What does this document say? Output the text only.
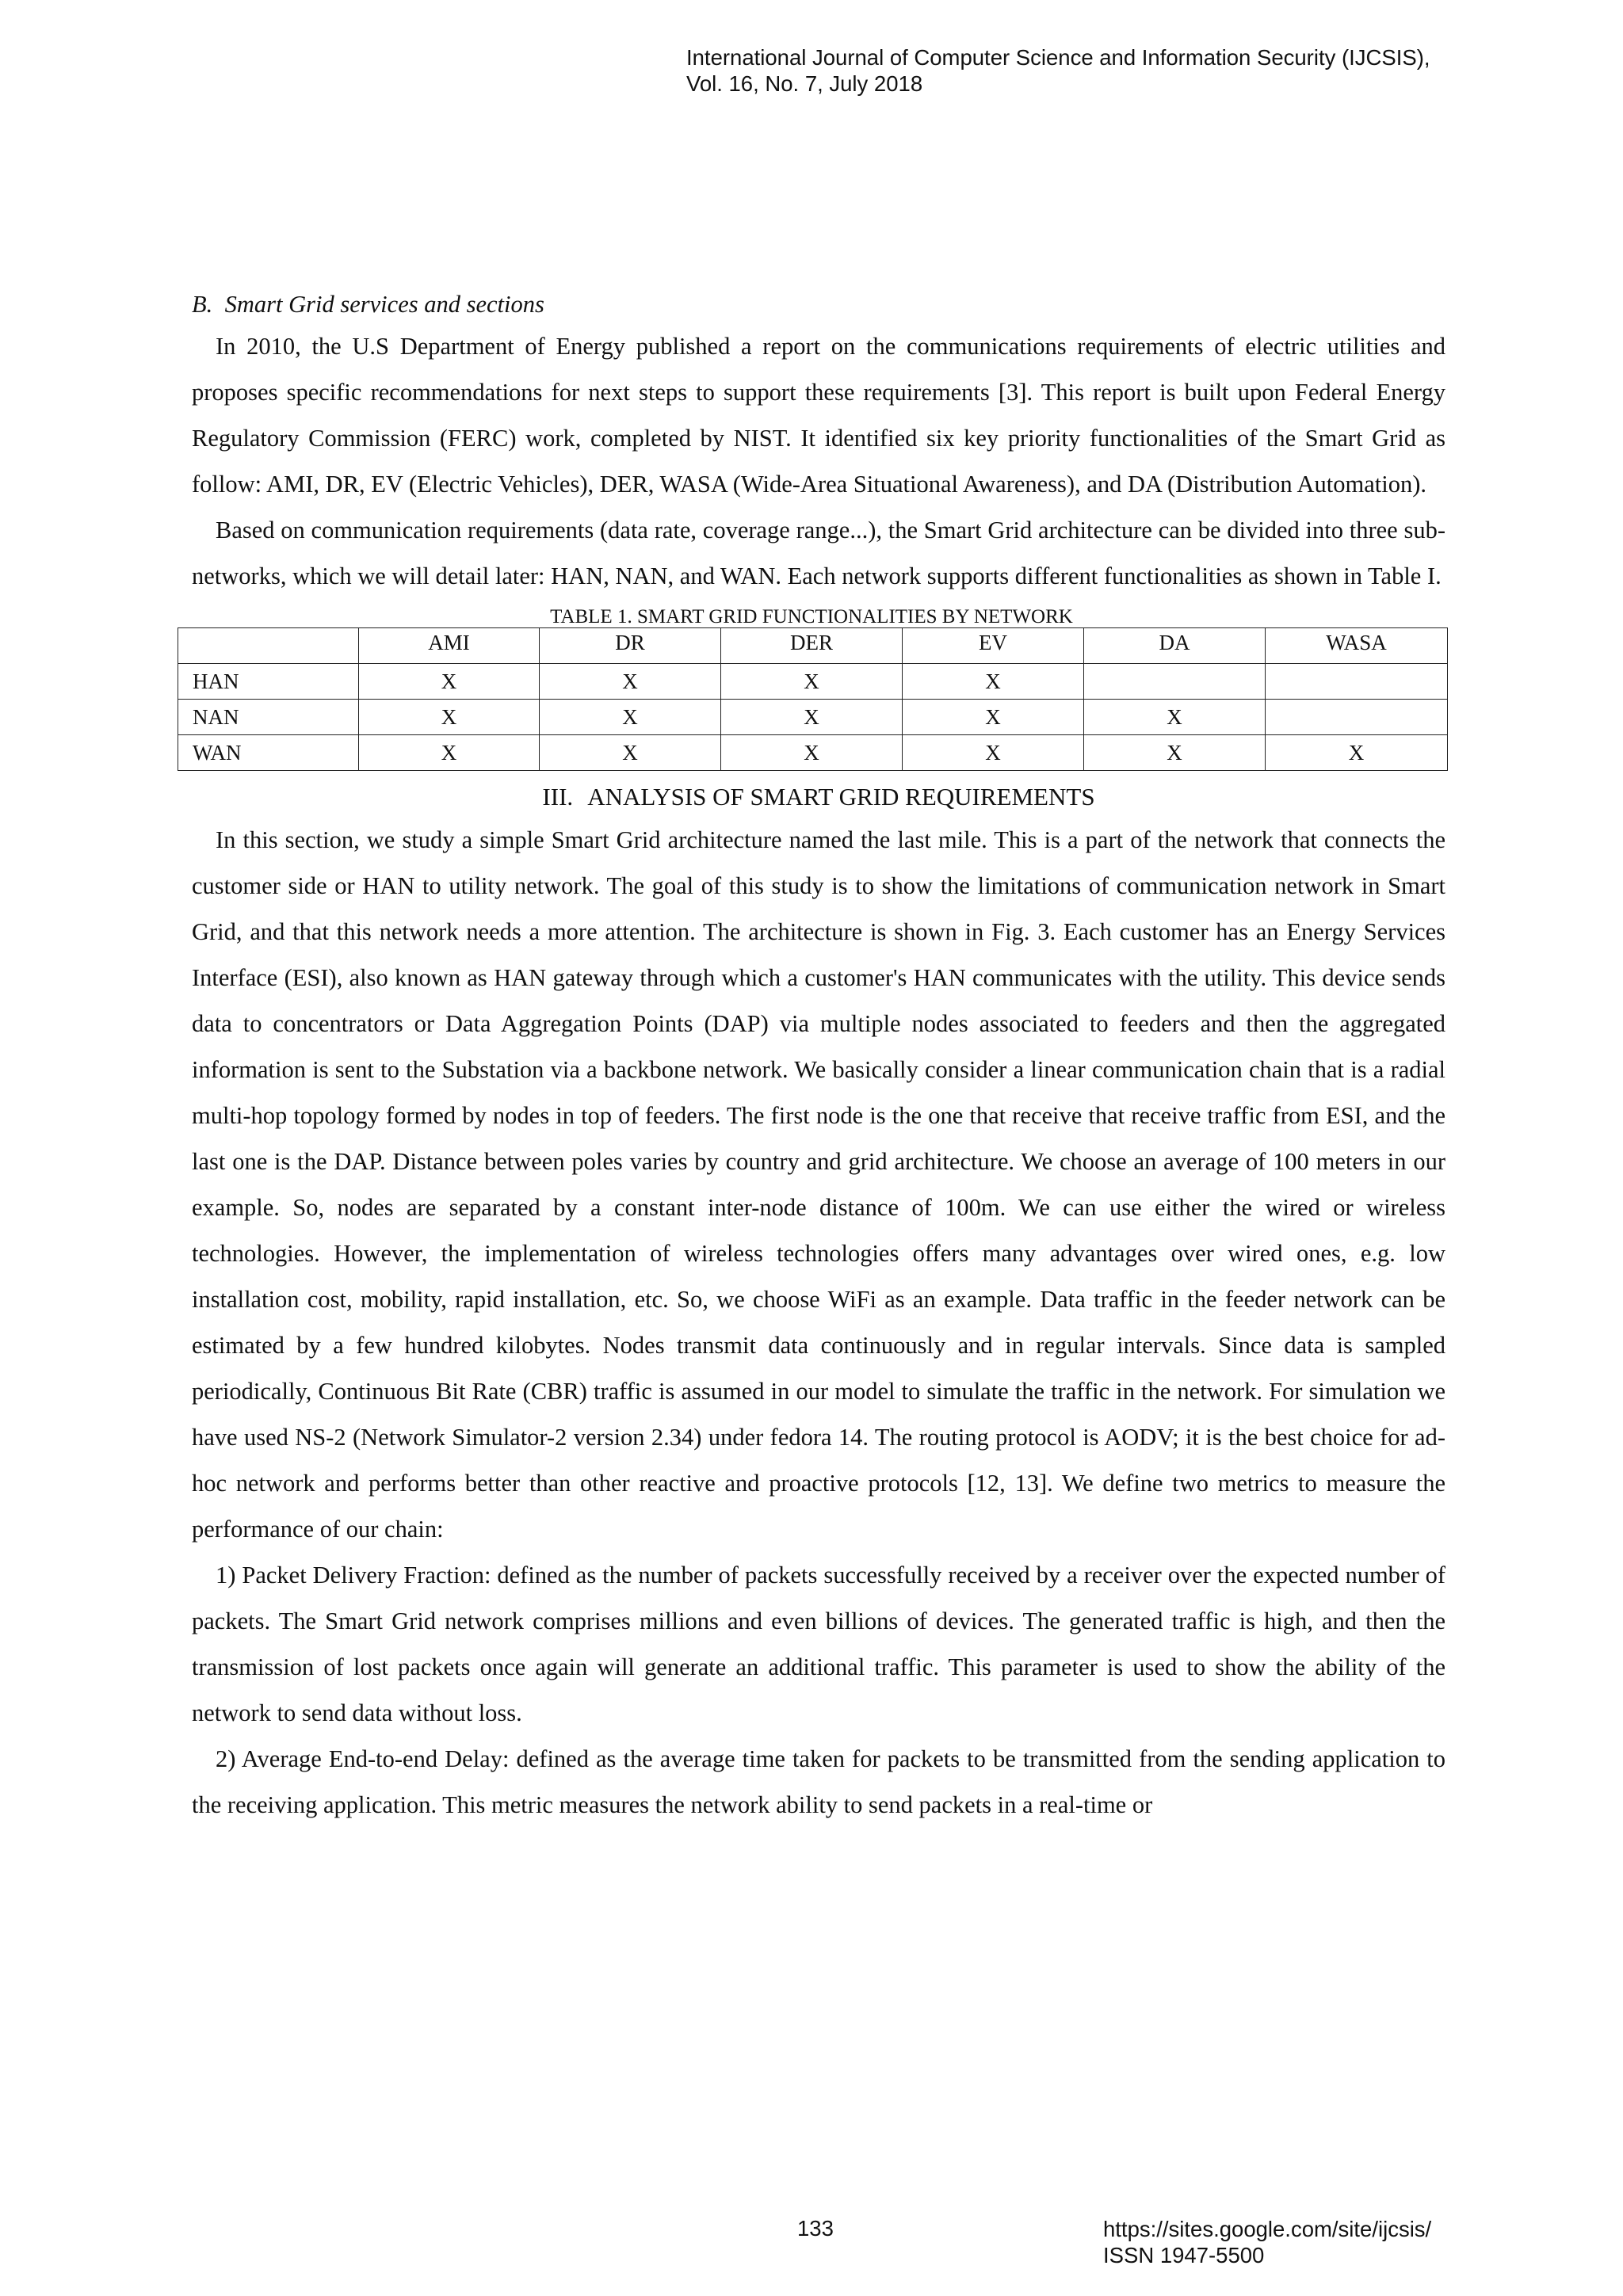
International Journal of Computer Science and Information Security (IJCSIS),
Vol. 16, No. 7, July 2018
B. Smart Grid services and sections

In 2010, the U.S Department of Energy published a report on the communications requirements of electric utilities and proposes specific recommendations for next steps to support these requirements [3]. This report is built upon Federal Energy Regulatory Commission (FERC) work, completed by NIST. It identified six key priority functionalities of the Smart Grid as follow: AMI, DR, EV (Electric Vehicles), DER, WASA (Wide-Area Situational Awareness), and DA (Distribution Automation).

Based on communication requirements (data rate, coverage range...), the Smart Grid architecture can be divided into three sub-networks, which we will detail later: HAN, NAN, and WAN. Each network supports different functionalities as shown in Table I.

TABLE 1. SMART GRID FUNCTIONALITIES BY NETWORK
	AMI	DR	DER	EV	DA	WASA
HAN	X	X	X	X		
NAN	X	X	X	X	X	
WAN	X	X	X	X	X	X
III. ANALYSIS OF SMART GRID REQUIREMENTS

In this section, we study a simple Smart Grid architecture named the last mile. This is a part of the network that connects the customer side or HAN to utility network. The goal of this study is to show the limitations of communication network in Smart Grid, and that this network needs a more attention. The architecture is shown in Fig. 3. Each customer has an Energy Services Interface (ESI), also known as HAN gateway through which a customer's HAN communicates with the utility. This device sends data to concentrators or Data Aggregation Points (DAP) via multiple nodes associated to feeders and then the aggregated information is sent to the Substation via a backbone network. We basically consider a linear communication chain that is a radial multi-hop topology formed by nodes in top of feeders. The first node is the one that receive that receive traffic from ESI, and the last one is the DAP. Distance between poles varies by country and grid architecture. We choose an average of 100 meters in our example. So, nodes are separated by a constant inter-node distance of 100m. We can use either the wired or wireless technologies. However, the implementation of wireless technologies offers many advantages over wired ones, e.g. low installation cost, mobility, rapid installation, etc. So, we choose WiFi as an example. Data traffic in the feeder network can be estimated by a few hundred kilobytes. Nodes transmit data continuously and in regular intervals. Since data is sampled periodically, Continuous Bit Rate (CBR) traffic is assumed in our model to simulate the traffic in the network. For simulation we have used NS-2 (Network Simulator-2 version 2.34) under fedora 14. The routing protocol is AODV; it is the best choice for ad-hoc network and performs better than other reactive and proactive protocols [12, 13]. We define two metrics to measure the performance of our chain:

1) Packet Delivery Fraction: defined as the number of packets successfully received by a receiver over the expected number of packets. The Smart Grid network comprises millions and even billions of devices. The generated traffic is high, and then the transmission of lost packets once again will generate an additional traffic. This parameter is used to show the ability of the network to send data without loss.

2) Average End-to-end Delay: defined as the average time taken for packets to be transmitted from the sending application to the receiving application. This metric measures the network ability to send packets in a real-time or

133	https://sites.google.com/site/ijcsis/
ISSN 1947-5500
